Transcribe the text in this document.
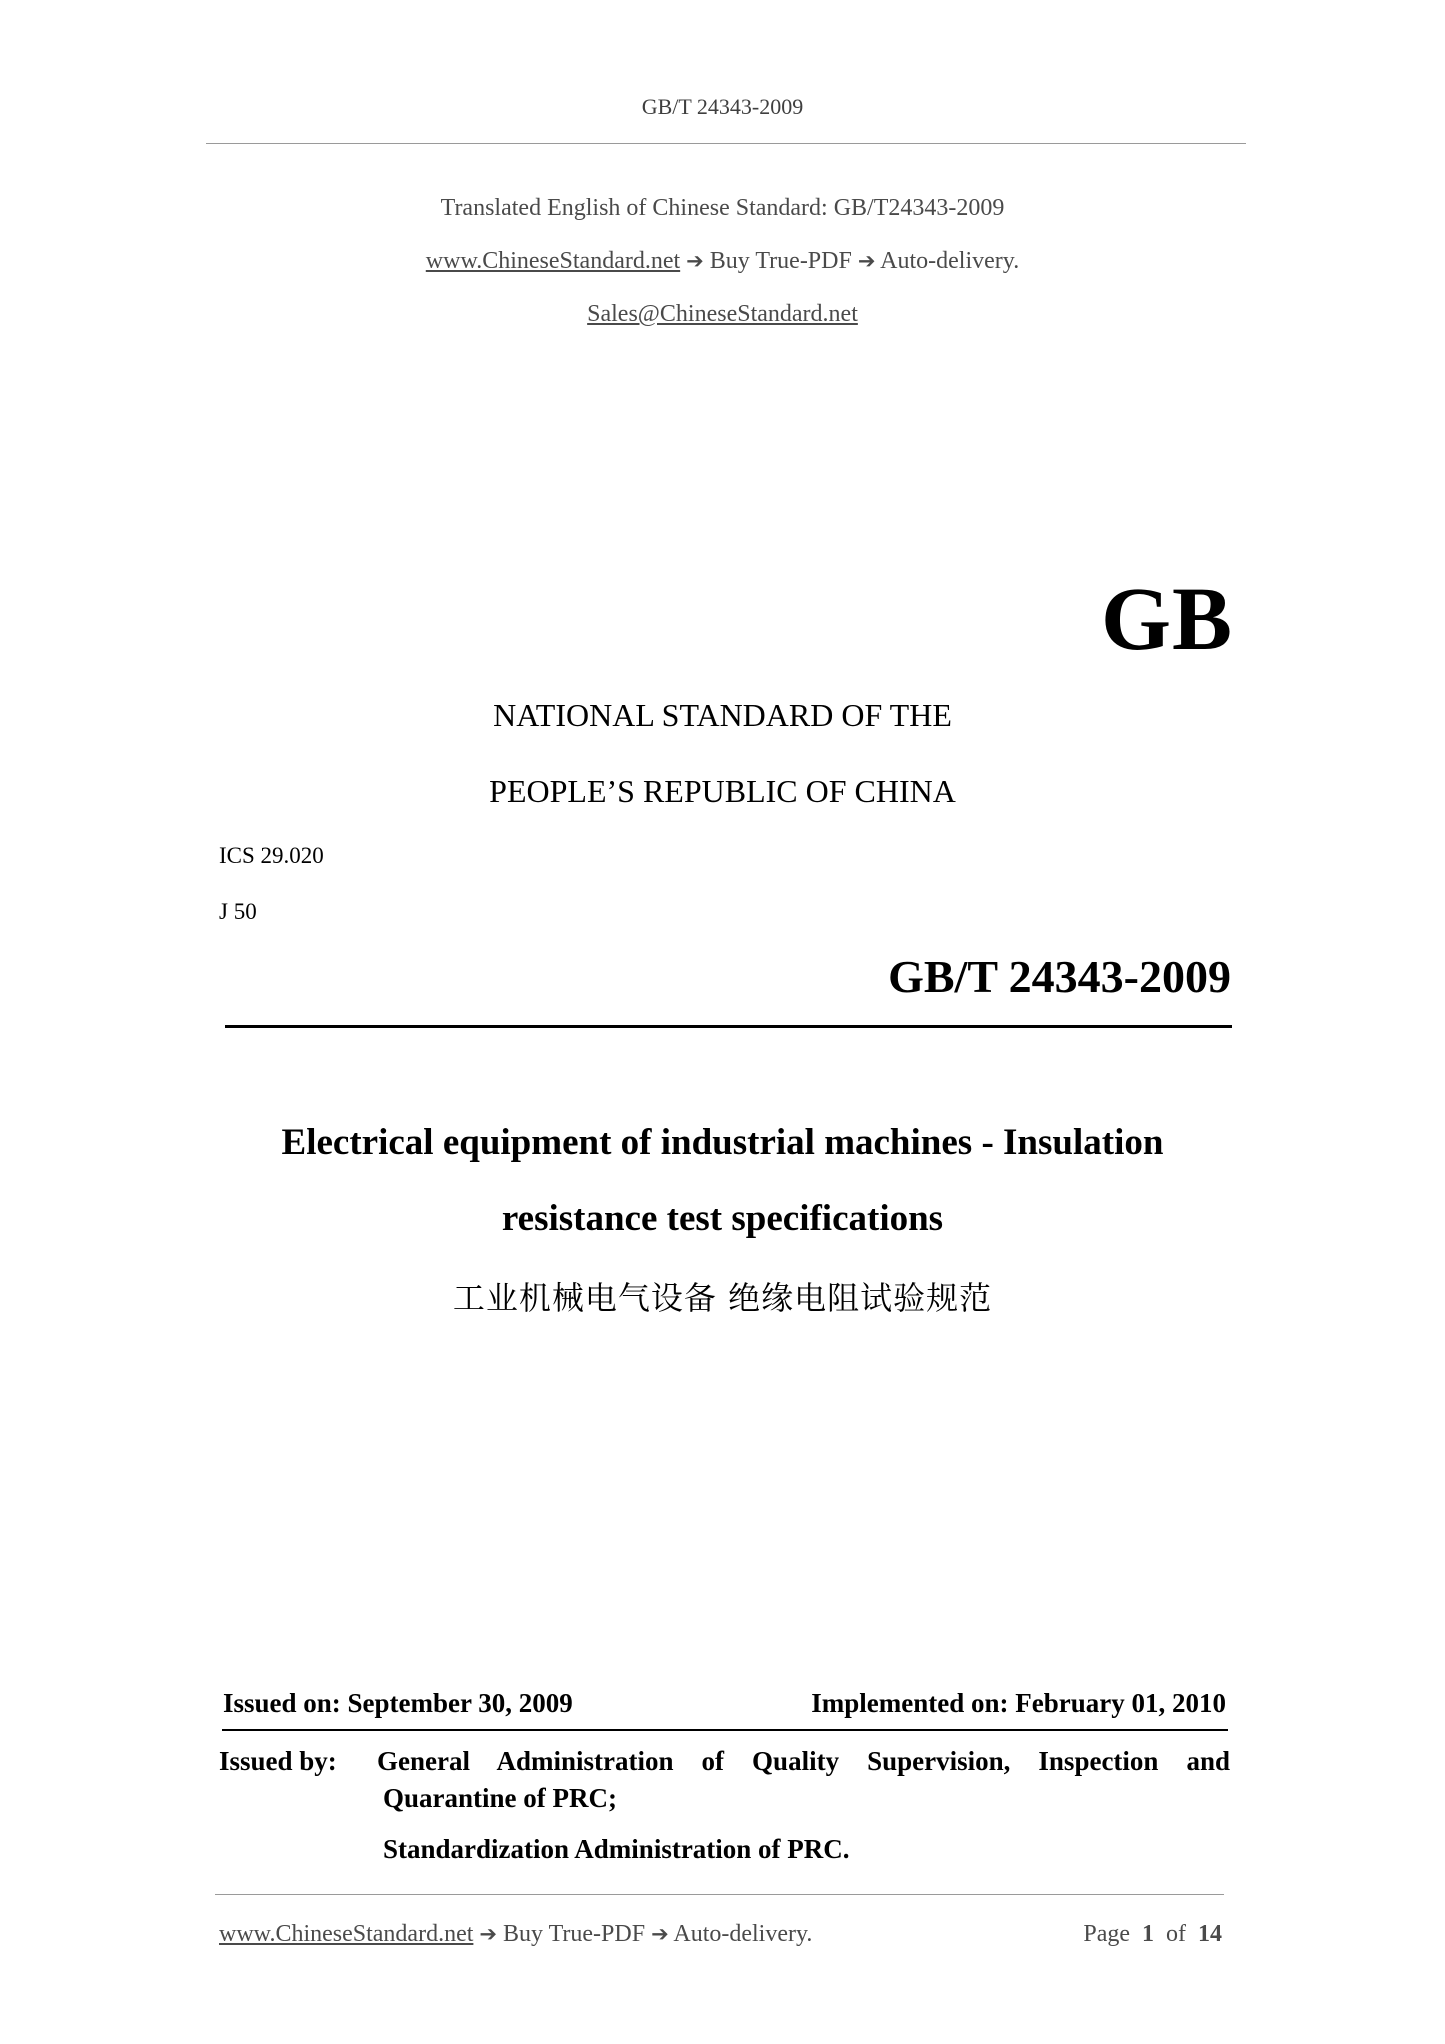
GB/T 24343-2009
Translated English of Chinese Standard: GB/T24343-2009
www.ChineseStandard.net ➔ Buy True-PDF ➔ Auto-delivery.
Sales@ChineseStandard.net
GB
NATIONAL STANDARD OF THE
PEOPLE’S REPUBLIC OF CHINA
ICS 29.020
J 50
GB/T 24343-2009
Electrical equipment of industrial machines - Insulation
resistance test specifications
工业机械电气设备 绝缘电阻试验规范
Issued on: September 30, 2009	Implemented on: February 01, 2010
Issued by: General Administration of Quality Supervision, Inspection and
Quarantine of PRC;
Standardization Administration of PRC.
www.ChineseStandard.net ➔ Buy True-PDF ➔ Auto-delivery.	Page 1 of 14
